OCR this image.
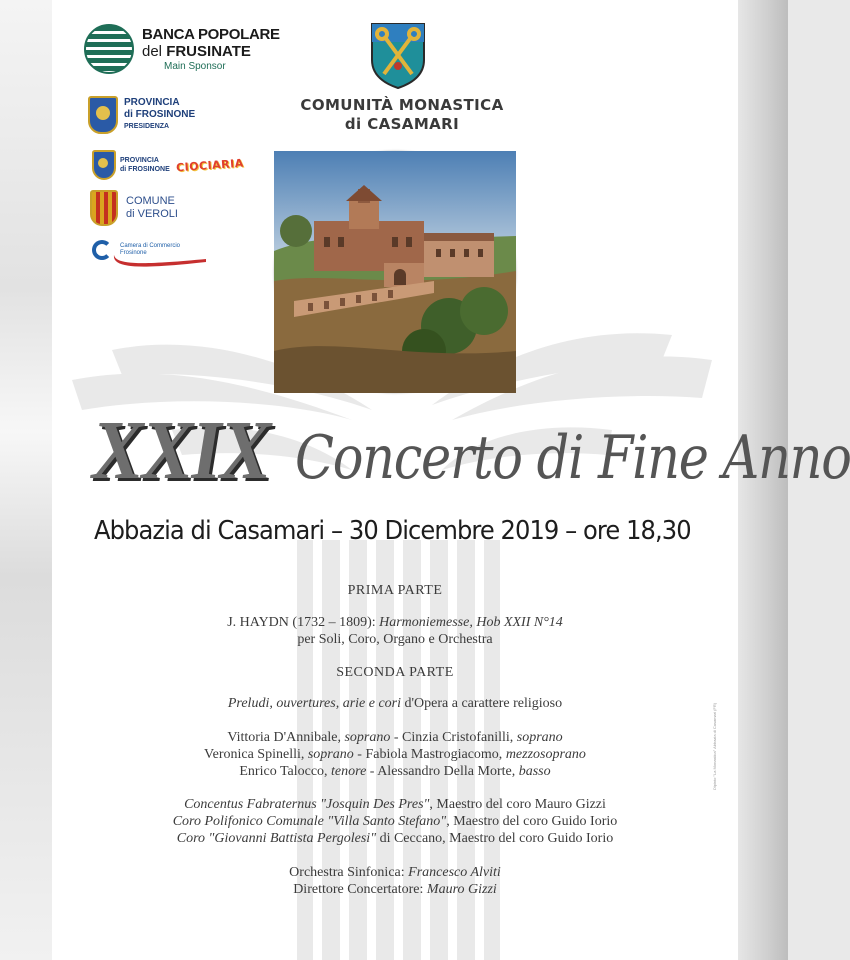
BANCA POPOLARE
del FRUSINATE
Main Sponsor
PROVINCIA
di FROSINONE
PRESIDENZA
PROVINCIA
di FROSINONE CIOCIARIA
COMUNE
di VEROLI
Camera di Commercio
Frosinone
COMUNITÀ MONASTICA
di CASAMARI
XXIX Concerto di Fine Anno
Abbazia di Casamari – 30 Dicembre 2019 – ore 18,30
PRIMA PARTE
J. HAYDN (1732 – 1809): Harmoniemesse, Hob XXII N°14
per Soli, Coro, Organo e Orchestra
SECONDA PARTE
Preludi, ouvertures, arie e cori d'Opera a carattere religioso
Vittoria D'Annibale, soprano - Cinzia Cristofanilli, soprano
Veronica Spinelli, soprano - Fabiola Mastrogiacomo, mezzosoprano
Enrico Talocco, tenore - Alessandro Della Morte, basso
Concentus Fabraternus "Josquin Des Pres", Maestro del coro Mauro Gizzi
Coro Polifonico Comunale "Villa Santo Stefano", Maestro del coro Guido Iorio
Coro "Giovanni Battista Pergolesi" di Ceccano, Maestro del coro Guido Iorio
Orchestra Sinfonica: Francesco Alviti
Direttore Concertatore: Mauro Gizzi
Dipinto "La Monastica" Abbazia di Casamari (FR)
